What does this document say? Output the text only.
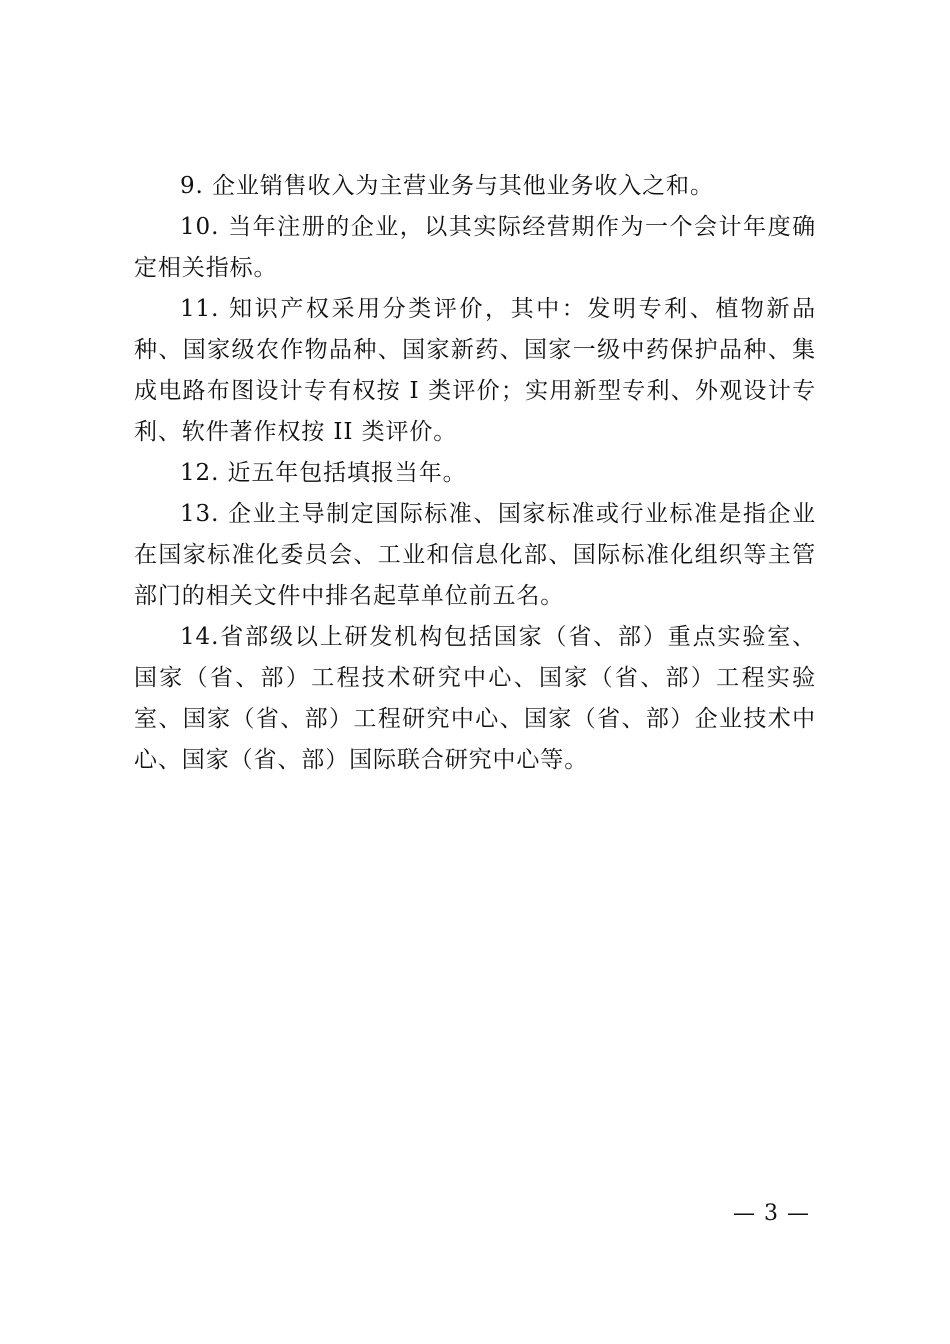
9. 企业销售收入为主营业务与其他业务收入之和。

10. 当年注册的企业，以其实际经营期作为一个会计年度确定相关指标。

11. 知识产权采用分类评价，其中：发明专利、植物新品种、国家级农作物品种、国家新药、国家一级中药保护品种、集成电路布图设计专有权按 I 类评价；实用新型专利、外观设计专利、软件著作权按 II 类评价。

12. 近五年包括填报当年。

13. 企业主导制定国际标准、国家标准或行业标准是指企业在国家标准化委员会、工业和信息化部、国际标准化组织等主管部门的相关文件中排名起草单位前五名。

14.省部级以上研发机构包括国家（省、部）重点实验室、国家（省、部）工程技术研究中心、国家（省、部）工程实验室、国家（省、部）工程研究中心、国家（省、部）企业技术中心、国家（省、部）国际联合研究中心等。

— 3 —
